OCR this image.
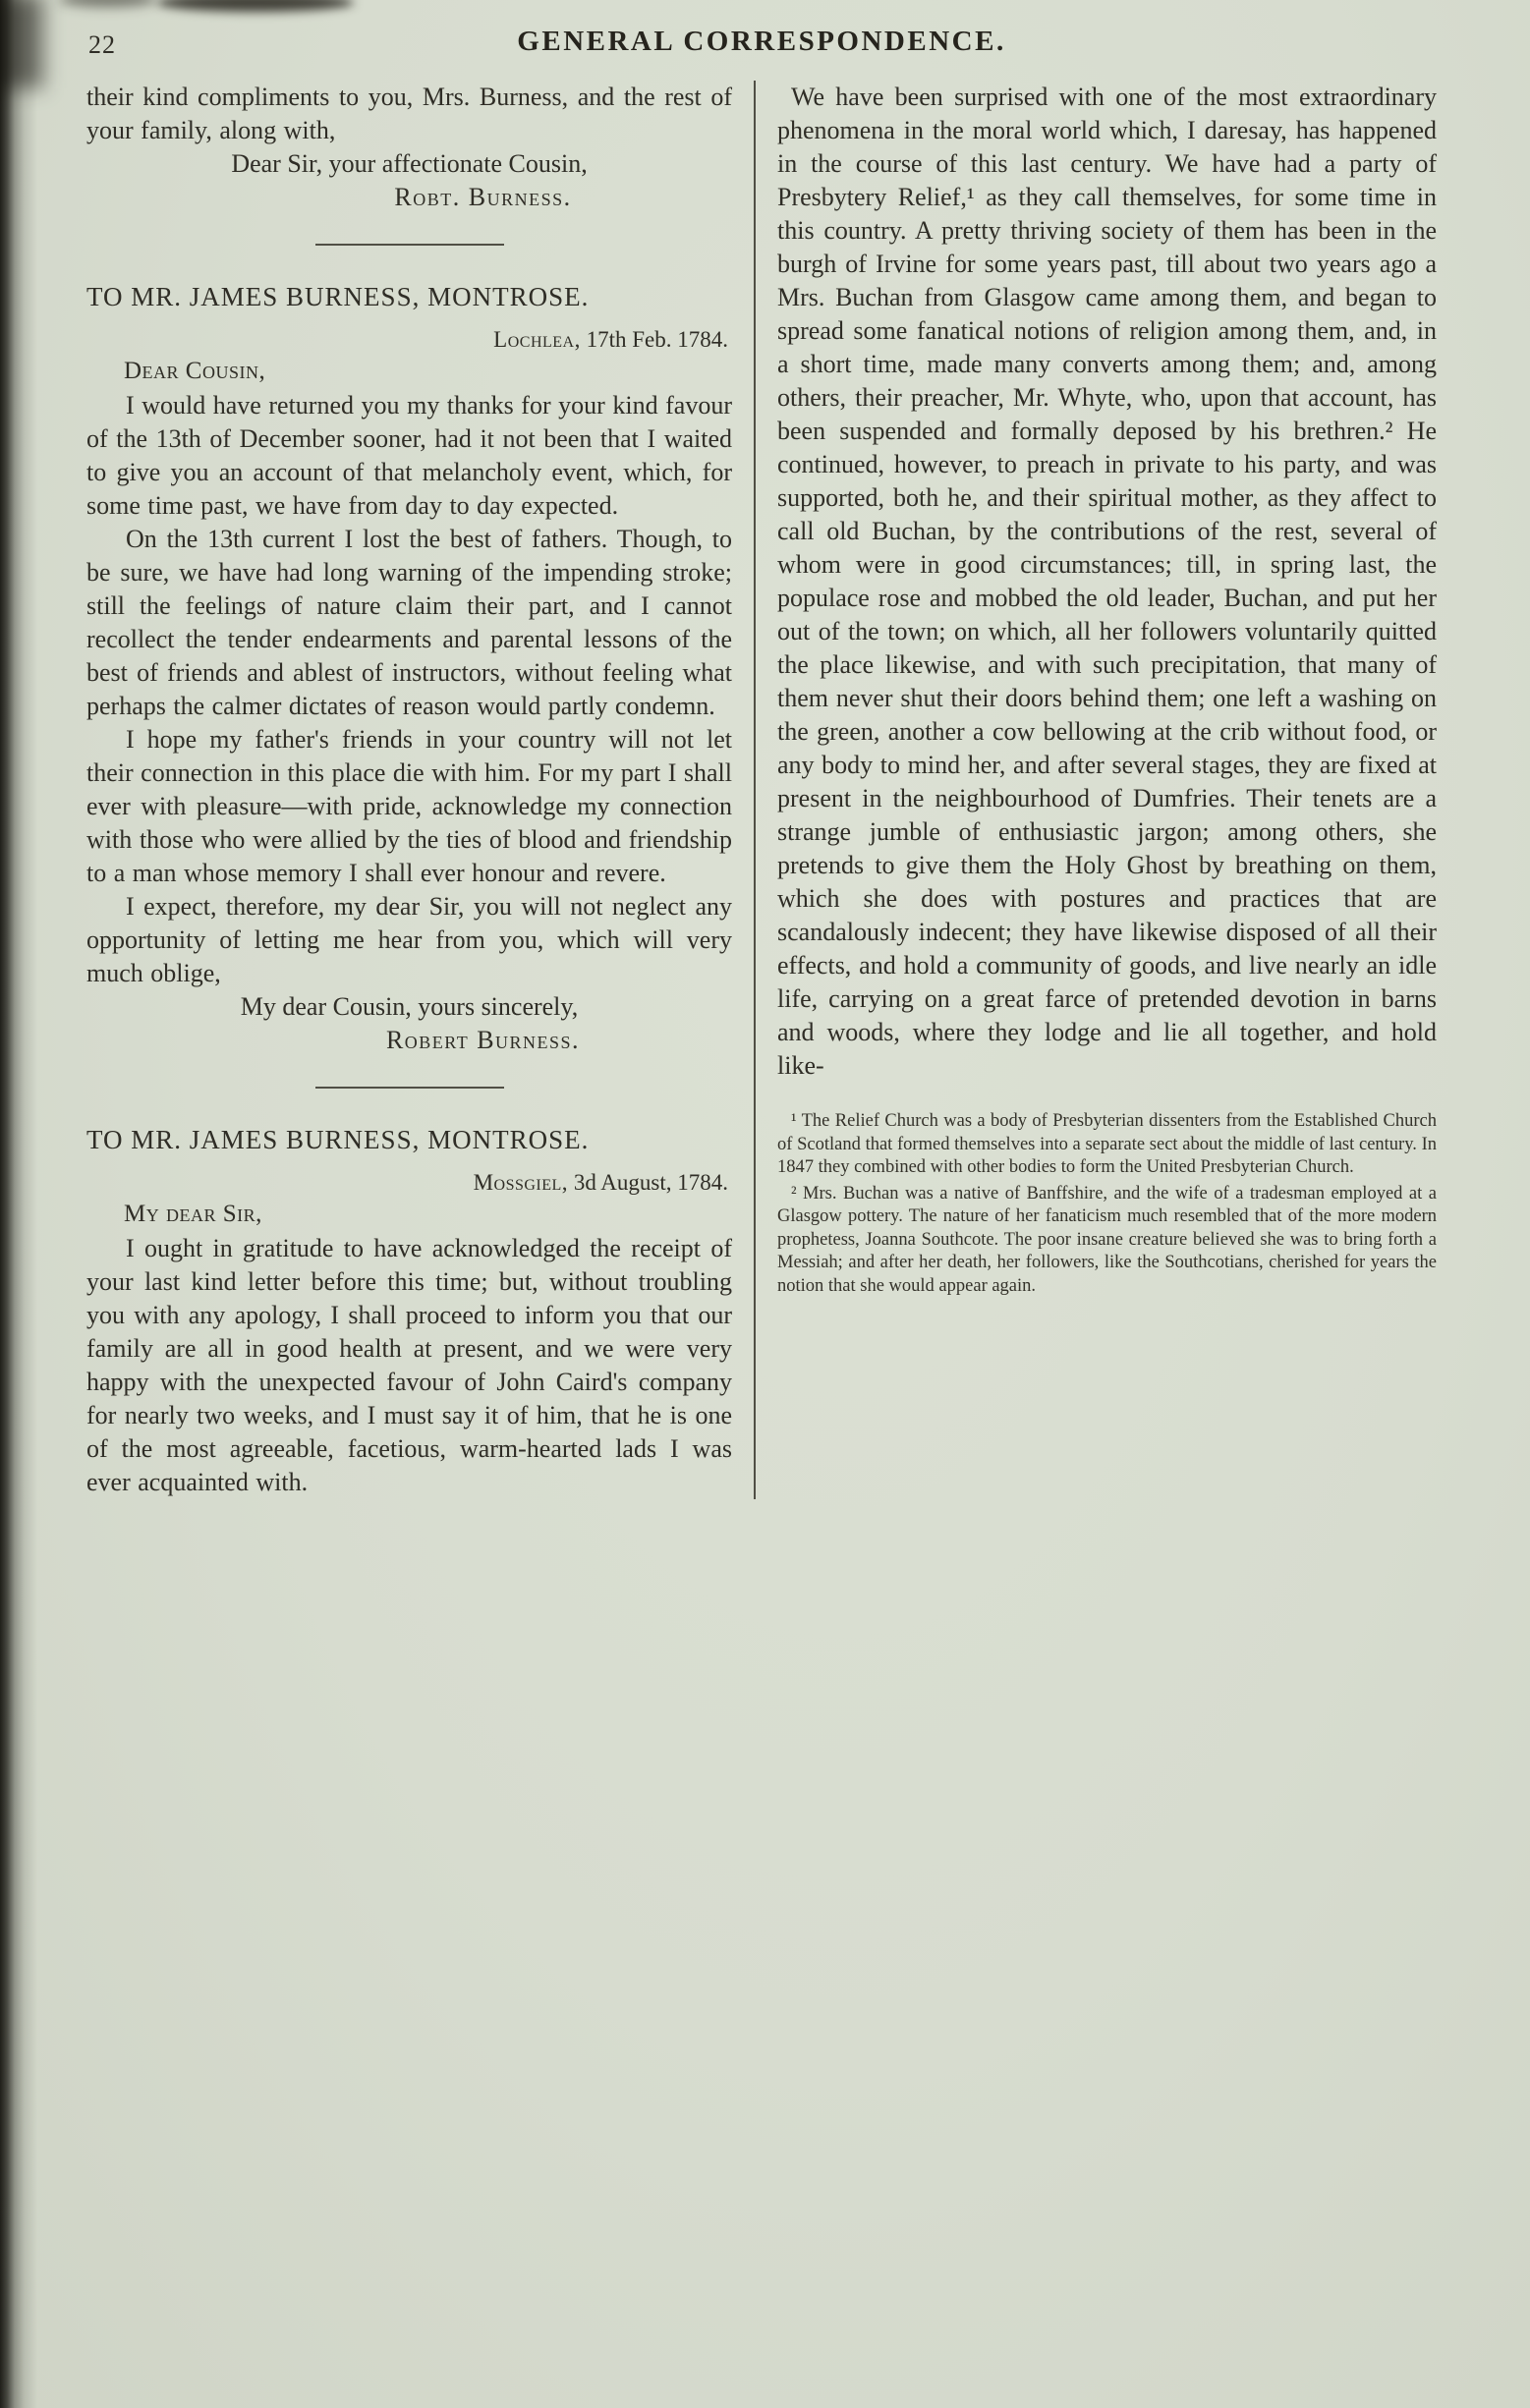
22	GENERAL CORRESPONDENCE.

their kind compliments to you, Mrs. Burness, and the rest of your family, along with,

Dear Sir, your affectionate Cousin,

Robt. Burness.

TO MR. JAMES BURNESS, MONTROSE.

Lochlea, 17th Feb. 1784.

Dear Cousin,

I would have returned you my thanks for your kind favour of the 13th of December sooner, had it not been that I waited to give you an account of that melancholy event, which, for some time past, we have from day to day expected.

On the 13th current I lost the best of fathers. Though, to be sure, we have had long warning of the impending stroke; still the feelings of nature claim their part, and I cannot recollect the tender endearments and parental lessons of the best of friends and ablest of instructors, without feeling what perhaps the calmer dictates of reason would partly condemn.

I hope my father's friends in your country will not let their connection in this place die with him. For my part I shall ever with pleasure—with pride, acknowledge my connection with those who were allied by the ties of blood and friendship to a man whose memory I shall ever honour and revere.

I expect, therefore, my dear Sir, you will not neglect any opportunity of letting me hear from you, which will very much oblige,

My dear Cousin, yours sincerely,

Robert Burness.

TO MR. JAMES BURNESS, MONTROSE.

Mossgiel, 3d August, 1784.

My dear Sir,

I ought in gratitude to have acknowledged the receipt of your last kind letter before this time; but, without troubling you with any apology, I shall proceed to inform you that our family are all in good health at present, and we were very happy with the unexpected favour of John Caird's company for nearly two weeks, and I must say it of him, that he is one of the most agreeable, facetious, warm-hearted lads I was ever acquainted with.

We have been surprised with one of the most extraordinary phenomena in the moral world which, I daresay, has happened in the course of this last century. We have had a party of Presbytery Relief,¹ as they call themselves, for some time in this country. A pretty thriving society of them has been in the burgh of Irvine for some years past, till about two years ago a Mrs. Buchan from Glasgow came among them, and began to spread some fanatical notions of religion among them, and, in a short time, made many converts among them; and, among others, their preacher, Mr. Whyte, who, upon that account, has been suspended and formally deposed by his brethren.² He continued, however, to preach in private to his party, and was supported, both he, and their spiritual mother, as they affect to call old Buchan, by the contributions of the rest, several of whom were in good circumstances; till, in spring last, the populace rose and mobbed the old leader, Buchan, and put her out of the town; on which, all her followers voluntarily quitted the place likewise, and with such precipitation, that many of them never shut their doors behind them; one left a washing on the green, another a cow bellowing at the crib without food, or any body to mind her, and after several stages, they are fixed at present in the neighbourhood of Dumfries. Their tenets are a strange jumble of enthusiastic jargon; among others, she pretends to give them the Holy Ghost by breathing on them, which she does with postures and practices that are scandalously indecent; they have likewise disposed of all their effects, and hold a community of goods, and live nearly an idle life, carrying on a great farce of pretended devotion in barns and woods, where they lodge and lie all together, and hold like-

¹ The Relief Church was a body of Presbyterian dissenters from the Established Church of Scotland that formed themselves into a separate sect about the middle of last century. In 1847 they combined with other bodies to form the United Presbyterian Church.

² Mrs. Buchan was a native of Banffshire, and the wife of a tradesman employed at a Glasgow pottery. The nature of her fanaticism much resembled that of the more modern prophetess, Joanna Southcote. The poor insane creature believed she was to bring forth a Messiah; and after her death, her followers, like the Southcotians, cherished for years the notion that she would appear again.
